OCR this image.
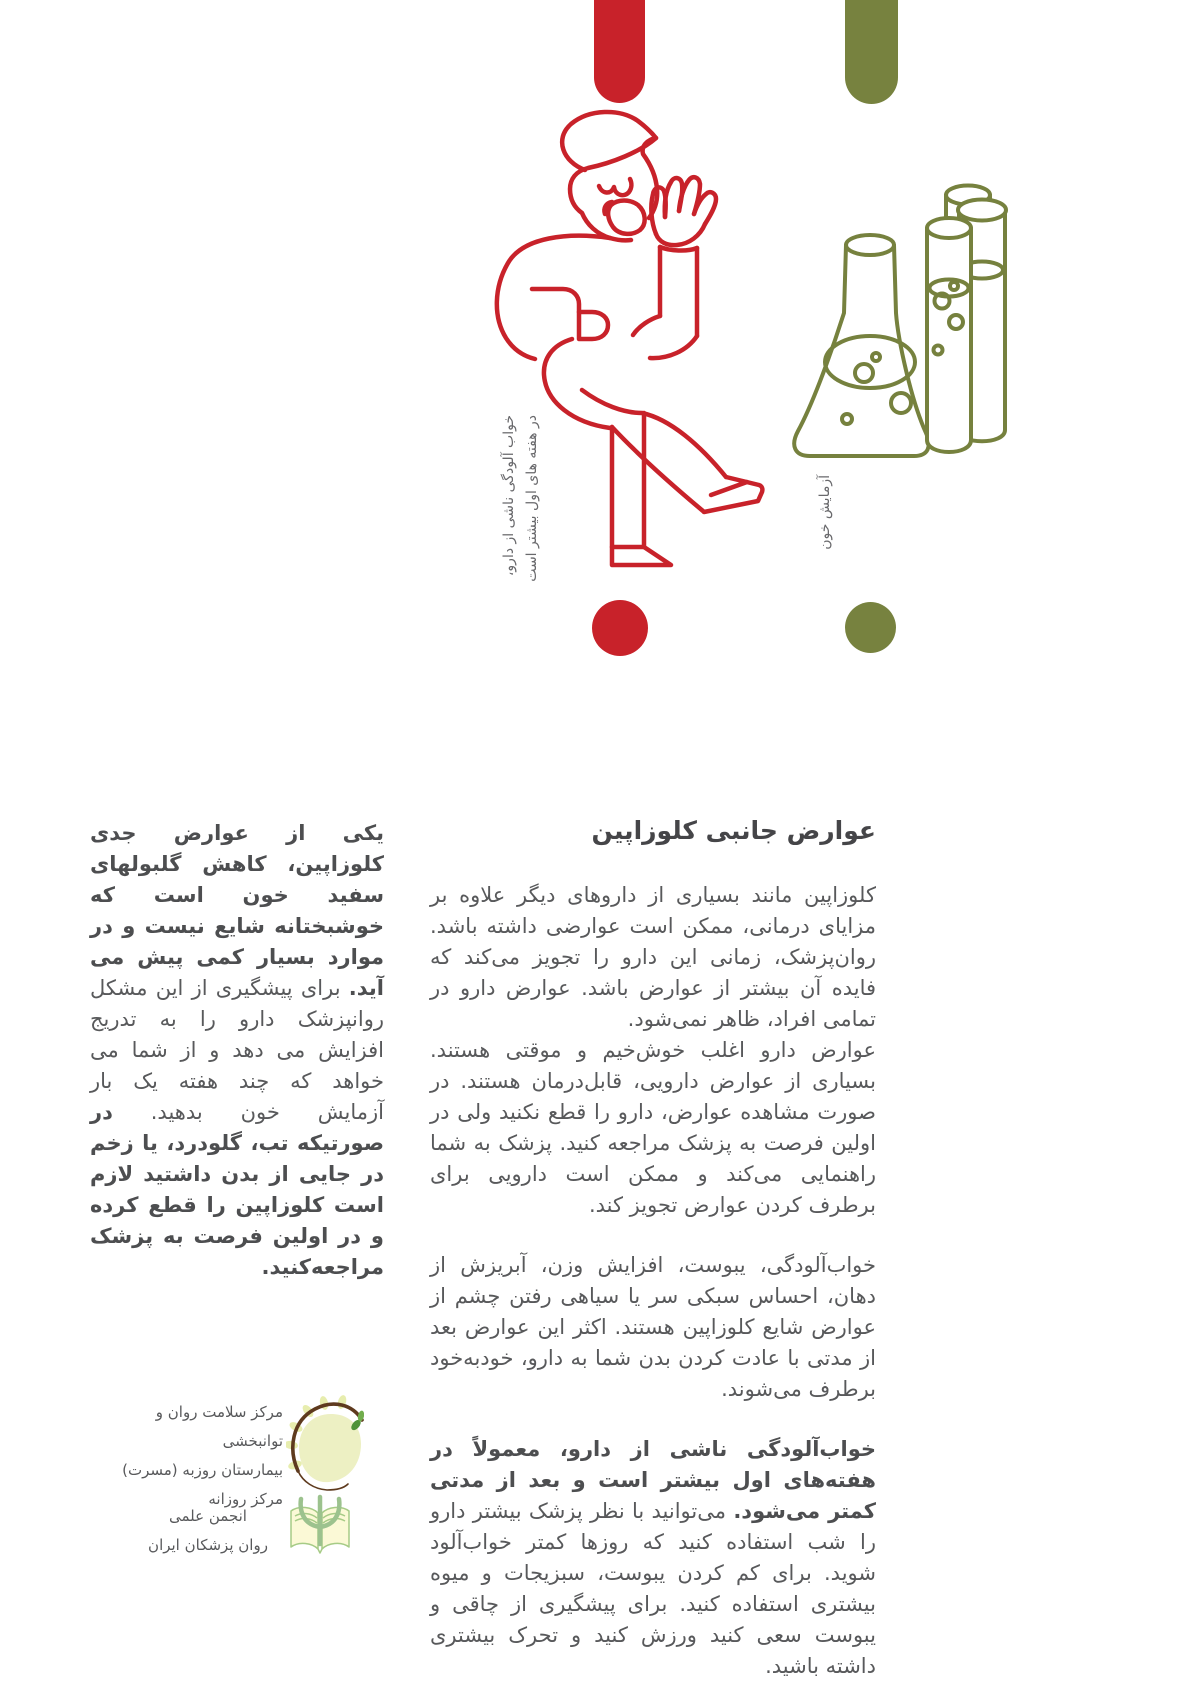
خواب آلودگی ناشی از دارو، در هفته های اول بیشتر است	آزمایش خون
عوارض جانبی کلوزاپین

کلوزاپین مانند بسیاری از داروهای دیگر علاوه بر مزایای درمانی، ممکن است عوارضی داشته باشد. روان‌پزشک، زمانی این دارو را تجویز می‌کند که فایده آن بیشتر از عوارض باشد. عوارض دارو در تمامی افراد، ظاهر نمی‌شود.

عوارض دارو اغلب خوش‌خیم و موقتی هستند. بسیاری از عوارض دارویی، قابل‌درمان هستند. در صورت مشاهده عوارض، دارو را قطع نکنید ولی در اولین فرصت به پزشک مراجعه کنید. پزشک به شما راهنمایی می‌کند و ممکن است دارویی برای برطرف کردن عوارض تجویز کند.

خواب‌آلودگی، یبوست، افزایش وزن، آبریزش از دهان، احساس سبکی سر یا سیاهی رفتن چشم از عوارض شایع کلوزاپین هستند. اکثر این عوارض بعد از مدتی با عادت کردن بدن شما به دارو، خودبه‌خود برطرف می‌شوند.

خواب‌آلودگی ناشی از دارو، معمولاً در هفته‌های اول بیشتر است و بعد از مدتی کمتر می‌شود. می‌توانید با نظر پزشک بیشتر دارو را شب استفاده کنید که روزها کمتر خواب‌آلود شوید. برای کم کردن یبوست، سبزیجات و میوه بیشتری استفاده کنید. برای پیشگیری از چاقی و یبوست سعی کنید ورزش کنید و تحرک بیشتری داشته باشید.

یکی از عوارض جدی کلوزاپین، کاهش گلبولهای سفید خون است که خوشبختانه شایع نیست و در موارد بسیار کمی پیش می آید. برای پیشگیری از این مشکل روانپزشک دارو را به تدریج افزایش می دهد و از شما می خواهد که چند هفته یک بار آزمایش خون بدهید. در صورتیکه تب، گلودرد، یا زخم در جایی از بدن داشتید لازم است کلوزاپین را قطع کرده و در اولین فرصت به پزشک مراجعه‌کنید.
مرکز سلامت روان و توانبخشی
بیمارستان روزبه (مسرت)
مرکز روزانه
انجمن علمی
روان پزشکان ایران
